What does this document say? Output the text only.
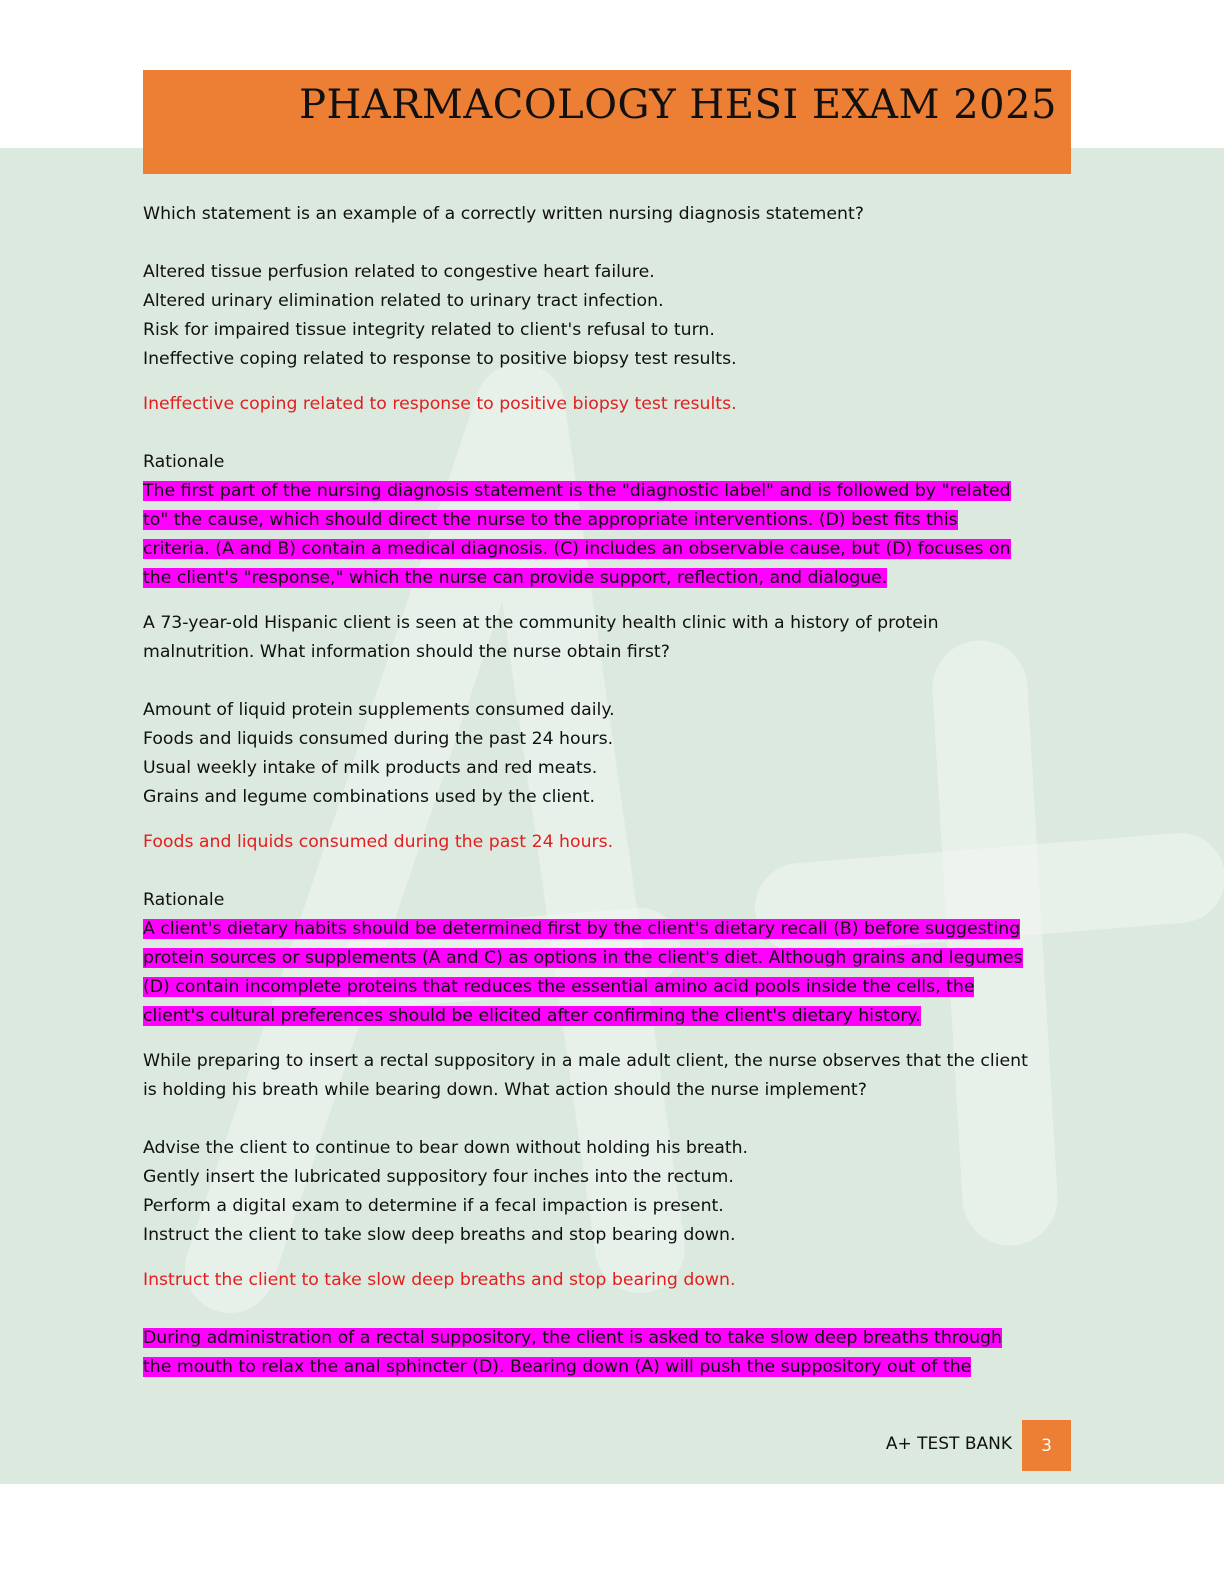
PHARMACOLOGY HESI EXAM 2025

Which statement is an example of a correctly written nursing diagnosis statement?

Altered tissue perfusion related to congestive heart failure.

Altered urinary elimination related to urinary tract infection.

Risk for impaired tissue integrity related to client's refusal to turn.

Ineffective coping related to response to positive biopsy test results.

Ineffective coping related to response to positive biopsy test results.

Rationale

The first part of the nursing diagnosis statement is the "diagnostic label" and is followed by "related

to" the cause, which should direct the nurse to the appropriate interventions. (D) best fits this

criteria. (A and B) contain a medical diagnosis. (C) includes an observable cause, but (D) focuses on

the client's "response," which the nurse can provide support, reflection, and dialogue.

A 73-year-old Hispanic client is seen at the community health clinic with a history of protein

malnutrition. What information should the nurse obtain first?

Amount of liquid protein supplements consumed daily.

Foods and liquids consumed during the past 24 hours.

Usual weekly intake of milk products and red meats.

Grains and legume combinations used by the client.

Foods and liquids consumed during the past 24 hours.

Rationale

A client's dietary habits should be determined first by the client's dietary recall (B) before suggesting

protein sources or supplements (A and C) as options in the client's diet. Although grains and legumes

(D) contain incomplete proteins that reduces the essential amino acid pools inside the cells, the

client's cultural preferences should be elicited after confirming the client's dietary history.

While preparing to insert a rectal suppository in a male adult client, the nurse observes that the client

is holding his breath while bearing down. What action should the nurse implement?

Advise the client to continue to bear down without holding his breath.

Gently insert the lubricated suppository four inches into the rectum.

Perform a digital exam to determine if a fecal impaction is present.

Instruct the client to take slow deep breaths and stop bearing down.

Instruct the client to take slow deep breaths and stop bearing down.

During administration of a rectal suppository, the client is asked to take slow deep breaths through

the mouth to relax the anal sphincter (D). Bearing down (A) will push the suppository out of the

A+ TEST BANK 3
